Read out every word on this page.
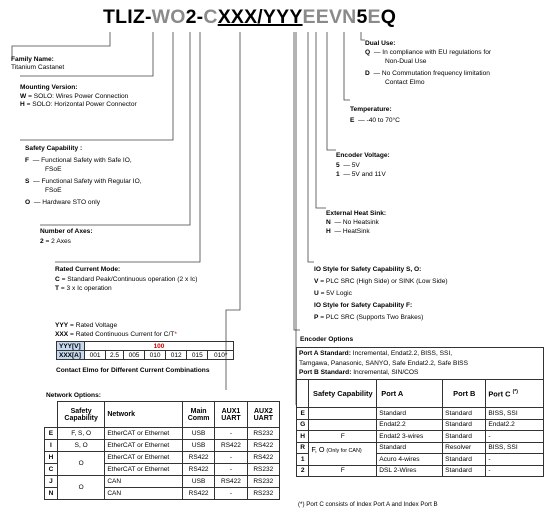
TLIZ-WO2-CXXX/YYYEEVN5EQ
Family Name:
Titanium Castanet
Mounting Version:
W = SOLO: Wires Power Connection
H = SOLO: Horizontal Power Connector
Safety Capability :
F — Functional Safety with Safe IO,
FSoE
S — Functional Safety with Regular IO,
FSoE
O — Hardware STO only
Number of Axes:
2 = 2 Axes
Rated Current Mode:
C = Standard Peak/Continuous operation (2 x Ic)
T = 3 x Ic operation
YYY = Rated Voltage
XXX = Rated Continuous Current for C/T*
YYY[V]	100						
XXX[A]	001	2.5	005	010	012	015	010*
Contact Elmo for Different Current Combinations
Dual Use:
Q — In compliance with EU regulations for
Non-Dual Use
D — No Commutation frequency limitation
Contact Elmo
Temperature:
E — -40 to 70°C
Encoder Voltage:
5 — 5V
1 — 5V and 11V
External Heat Sink:
N — No Heatsink
H — HeatSink
IO Style for Safety Capability S, O:
V = PLC SRC (High Side) or SINK (Low Side)
U = 5V Logic
IO Style for Safety Capability F:
P = PLC SRC (Supports Two Brakes)
Network Options:
	Safety Capability	Network	Main Comm	AUX1 UART	AUX2 UART
E	F, S, O	EtherCAT or Ethernet	USB	-	RS232
I	S, O	EtherCAT or Ethernet	USB	RS422	RS422
H	O	EtherCAT or Ethernet	RS422	-	RS422
C		EtherCAT or Ethernet	RS422	-	RS232
J	O	CAN	USB	RS422	RS232
N		CAN	RS422	-	RS232
Encoder Options
Port A Standard: Incremental, Endat2.2, BISS, SSI,
Tamgawa, Panasonic, SANYO, Safe Endat2.2, Safe BISS
Port B Standard: Incremental, SIN/COS
	Safety Capability	Port A	Port B	Port C (*)
E		Standard	Standard	BISS, SSI
G		Endat2.2	Standard	Endat2.2
H	F	Endat2 3-wires	Standard	-
R	F, O (Only for CAN)	Standard	Resolver	BISS, SSI
1		Acuro 4-wires	Standard	-
2	F	DSL 2-Wires	Standard	-
(*) Port C consists of Index Port A and Index Port B
